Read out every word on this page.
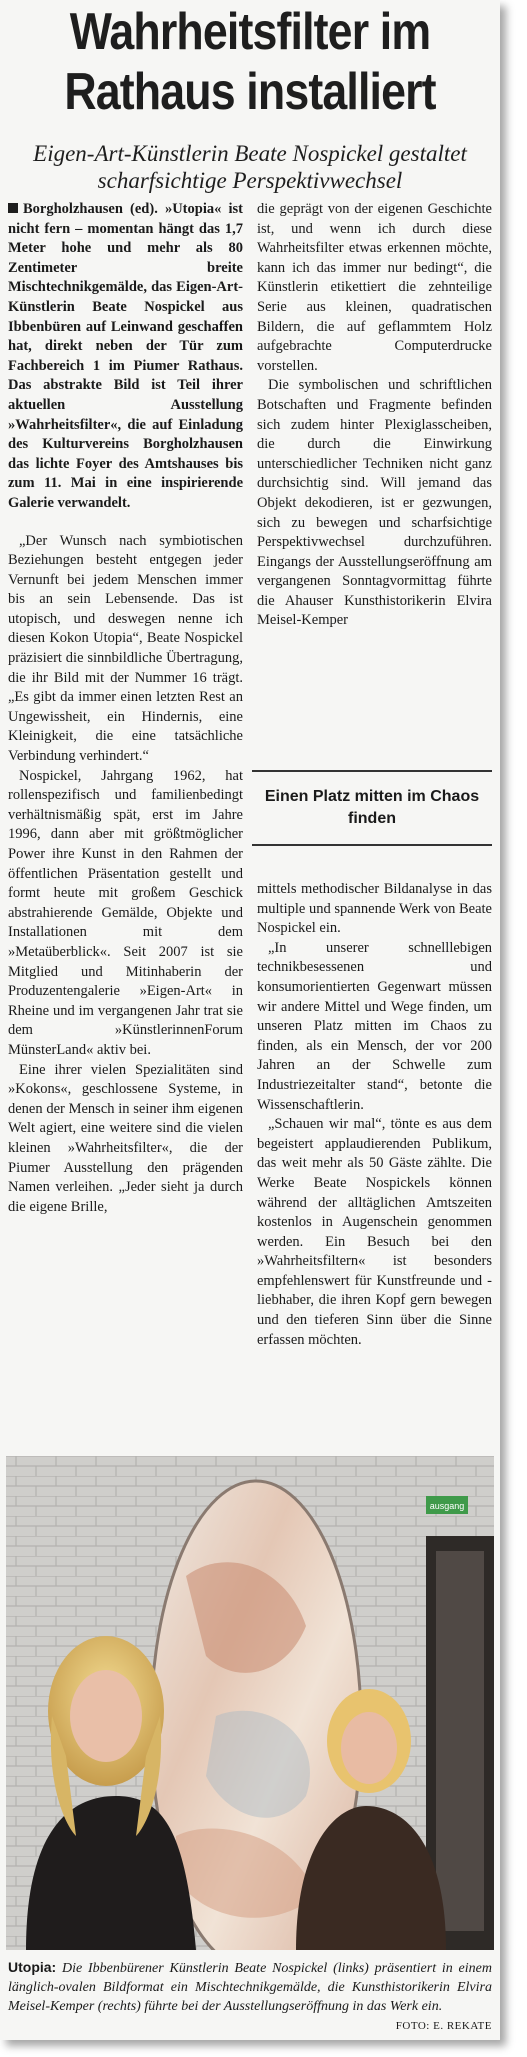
Wahrheitsfilter im
Rathaus installiert
Eigen-Art-Künstlerin Beate Nospickel gestaltet
scharfsichtige Perspektivwechsel

Borgholzhausen (ed). »Utopia« ist nicht fern – momentan hängt das 1,7 Meter hohe und mehr als 80 Zentimeter breite Mischtechnikgemälde, das Eigen-Art-Künstlerin Beate Nospickel aus Ibbenbüren auf Leinwand geschaffen hat, direkt neben der Tür zum Fachbereich 1 im Piumer Rathaus. Das abstrakte Bild ist Teil ihrer aktuellen Ausstellung »Wahrheitsfilter«, die auf Einladung des Kulturvereins Borgholzhausen das lichte Foyer des Amtshauses bis zum 11. Mai in eine inspirierende Galerie verwandelt.

„Der Wunsch nach symbiotischen Beziehungen besteht entgegen jeder Vernunft bei jedem Menschen immer bis an sein Lebensende. Das ist utopisch, und deswegen nenne ich diesen Kokon Utopia“, Beate Nospickel präzisiert die sinnbildliche Übertragung, die ihr Bild mit der Nummer 16 trägt. „Es gibt da immer einen letzten Rest an Ungewissheit, ein Hindernis, eine Kleinigkeit, die eine tatsächliche Verbindung verhindert.“

Nospickel, Jahrgang 1962, hat rollenspezifisch und familienbedingt verhältnismäßig spät, erst im Jahre 1996, dann aber mit größtmöglicher Power ihre Kunst in den Rahmen der öffentlichen Präsentation gestellt und formt heute mit großem Geschick abstrahierende Gemälde, Objekte und Installationen mit dem »Metaüberblick«. Seit 2007 ist sie Mitglied und Mitinhaberin der Produzentengalerie »Eigen-Art« in Rheine und im vergangenen Jahr trat sie dem »KünstlerinnenForum MünsterLand« aktiv bei.

Eine ihrer vielen Spezialitäten sind »Kokons«, geschlossene Systeme, in denen der Mensch in seiner ihm eigenen Welt agiert, eine weitere sind die vielen kleinen »Wahrheitsfilter«, die der Piumer Ausstellung den prägenden Namen verleihen. „Jeder sieht ja durch die eigene Brille,

die geprägt von der eigenen Geschichte ist, und wenn ich durch diese Wahrheitsfilter etwas erkennen möchte, kann ich das immer nur bedingt“, die Künstlerin etikettiert die zehnteilige Serie aus kleinen, quadratischen Bildern, die auf geflammtem Holz aufgebrachte Computerdrucke vorstellen.

Die symbolischen und schriftlichen Botschaften und Fragmente befinden sich zudem hinter Plexiglasscheiben, die durch die Einwirkung unterschiedlicher Techniken nicht ganz durchsichtig sind. Will jemand das Objekt dekodieren, ist er gezwungen, sich zu bewegen und scharfsichtige Perspektivwechsel durchzuführen. Eingangs der Ausstellungseröffnung am vergangenen Sonntagvormittag führte die Ahauser Kunsthistorikerin Elvira Meisel-Kemper

Einen Platz mitten im Chaos finden

mittels methodischer Bildanalyse in das multiple und spannende Werk von Beate Nospickel ein.

„In unserer schnelllebigen technikbesessenen und konsumorientierten Gegenwart müssen wir andere Mittel und Wege finden, um unseren Platz mitten im Chaos zu finden, als ein Mensch, der vor 200 Jahren an der Schwelle zum Industriezeitalter stand“, betonte die Wissenschaftlerin.

„Schauen wir mal“, tönte es aus dem begeistert applaudierenden Publikum, das weit mehr als 50 Gäste zählte. Die Werke Beate Nospickels können während der alltäglichen Amtszeiten kostenlos in Augenschein genommen werden. Ein Besuch bei den »Wahrheitsfiltern« ist besonders empfehlenswert für Kunstfreunde und -liebhaber, die ihren Kopf gern bewegen und den tieferen Sinn über die Sinne erfassen möchten.

ausgang
Utopia: Die Ibbenbürener Künstlerin Beate Nospickel (links) präsentiert in einem länglich-ovalen Bildformat ein Mischtechnikgemälde, die Kunsthistorikerin Elvira Meisel-Kemper (rechts) führte bei der Ausstellungseröffnung in das Werk ein.
FOTO: E. REKATE
